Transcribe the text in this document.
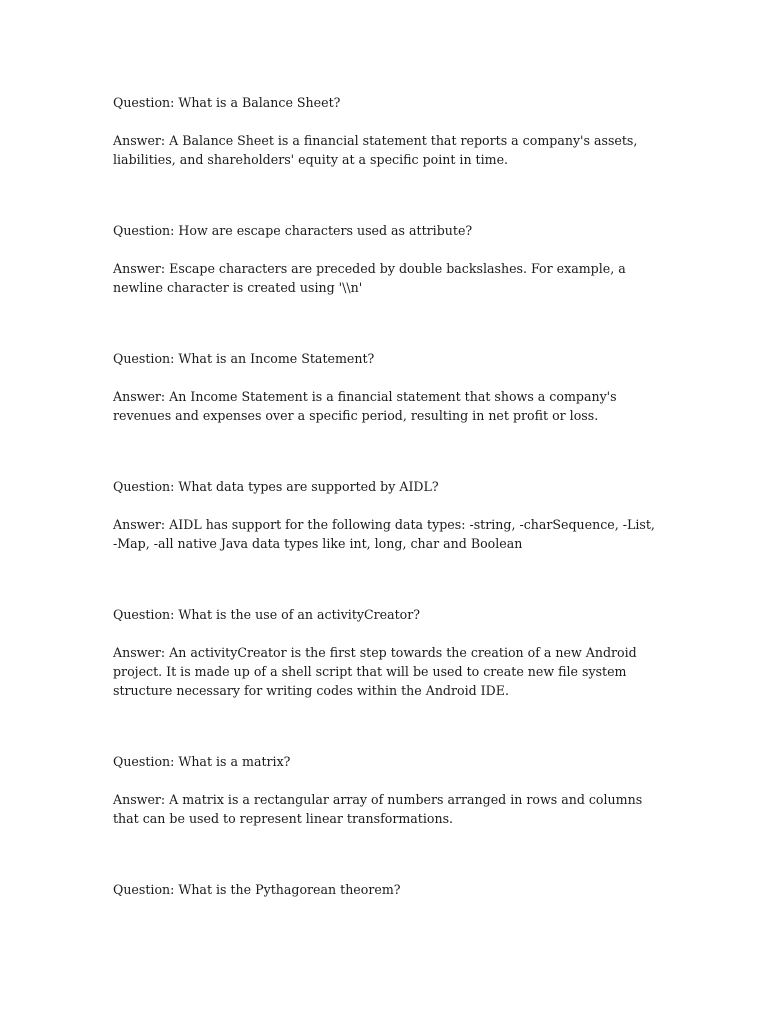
Question: What is a Balance Sheet?

Answer: A Balance Sheet is a financial statement that reports a company's assets, liabilities, and shareholders' equity at a specific point in time.

Question: How are escape characters used as attribute?

Answer: Escape characters are preceded by double backslashes. For example, a newline character is created using '\\n'

Question: What is an Income Statement?

Answer: An Income Statement is a financial statement that shows a company's revenues and expenses over a specific period, resulting in net profit or loss.

Question: What data types are supported by AIDL?

Answer: AIDL has support for the following data types: -string, -charSequence, -List, -Map, -all native Java data types like int, long, char and Boolean

Question: What is the use of an activityCreator?

Answer: An activityCreator is the first step towards the creation of a new Android project. It is made up of a shell script that will be used to create new file system structure necessary for writing codes within the Android IDE.

Question: What is a matrix?

Answer: A matrix is a rectangular array of numbers arranged in rows and columns that can be used to represent linear transformations.

Question: What is the Pythagorean theorem?
